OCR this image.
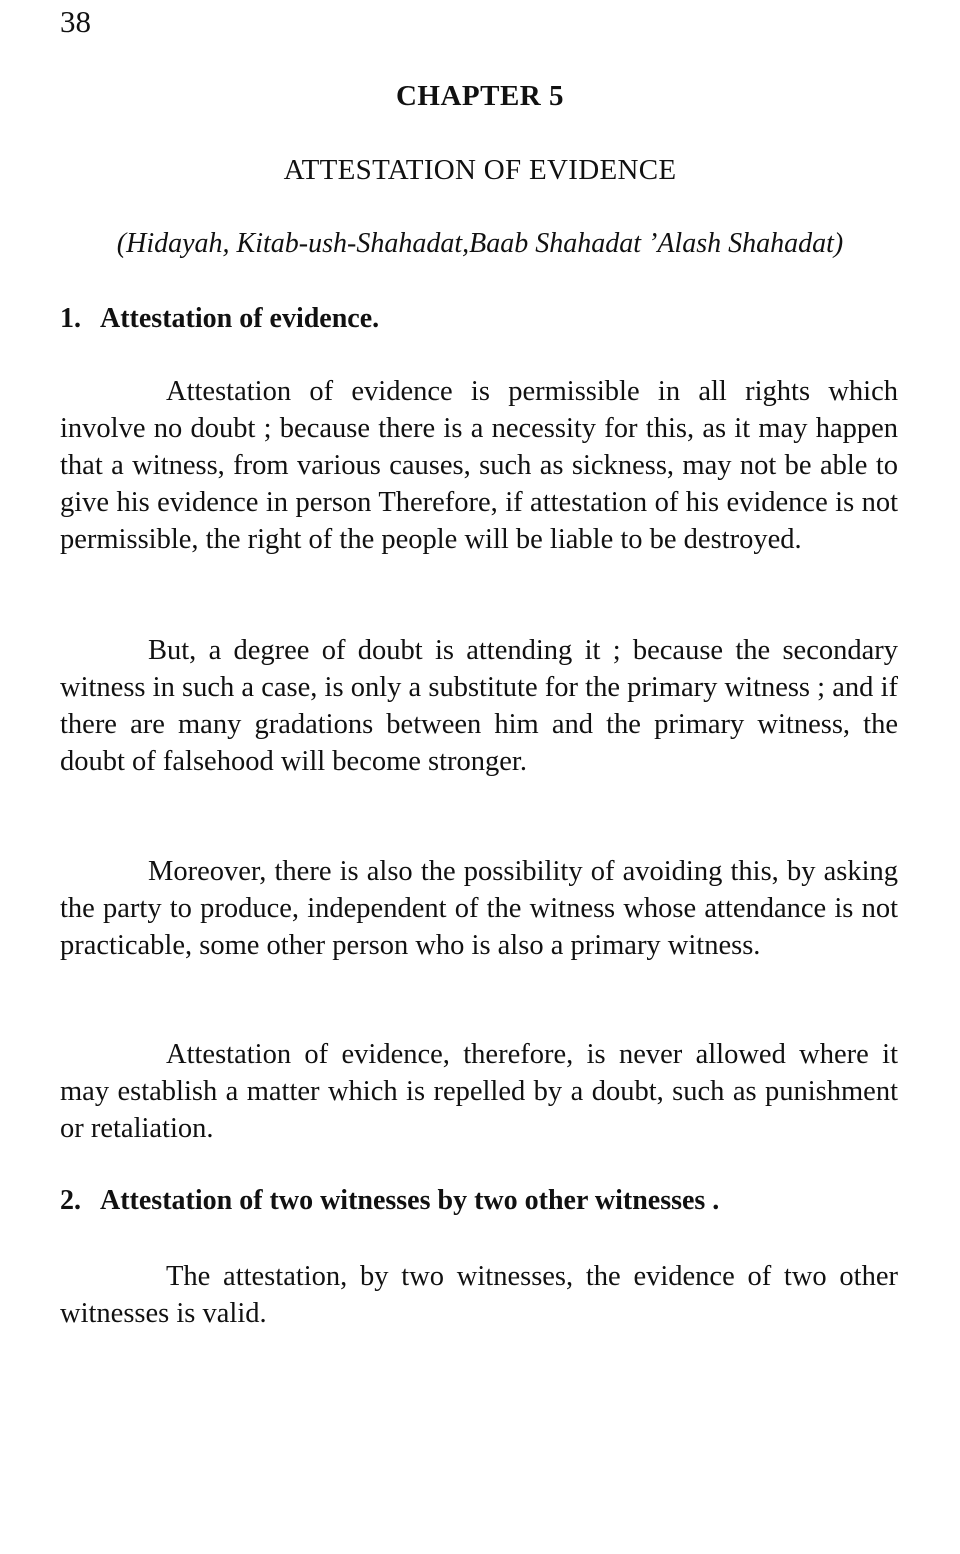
38
CHAPTER 5
ATTESTATION OF EVIDENCE
(Hidayah, Kitab-ush-Shahadat,Baab Shahadat ’Alash Shahadat)
1. Attestation of evidence.
Attestation of evidence is permissible in all rights which involve no doubt ; because there is a necessity for this, as it may happen that a witness, from various causes, such as sickness, may not be able to give his evidence in person Therefore, if attestation of his evidence is not permissible, the right of the people will be liable to be destroyed.
But, a degree of doubt is attending it ; because the secondary witness in such a case, is only a substitute for the primary witness ; and if there are many gradations between him and the primary witness, the doubt of falsehood will become stronger.
Moreover, there is also the possibility of avoiding this, by asking the party to produce, independent of the witness whose attendance is not practicable, some other person who is also a primary witness.
Attestation of evidence, therefore, is never allowed where it may establish a matter which is repelled by a doubt, such as punishment or retaliation.
2. Attestation of two witnesses by two other witnesses .
The attestation, by two witnesses, the evidence of two other witnesses is valid.
